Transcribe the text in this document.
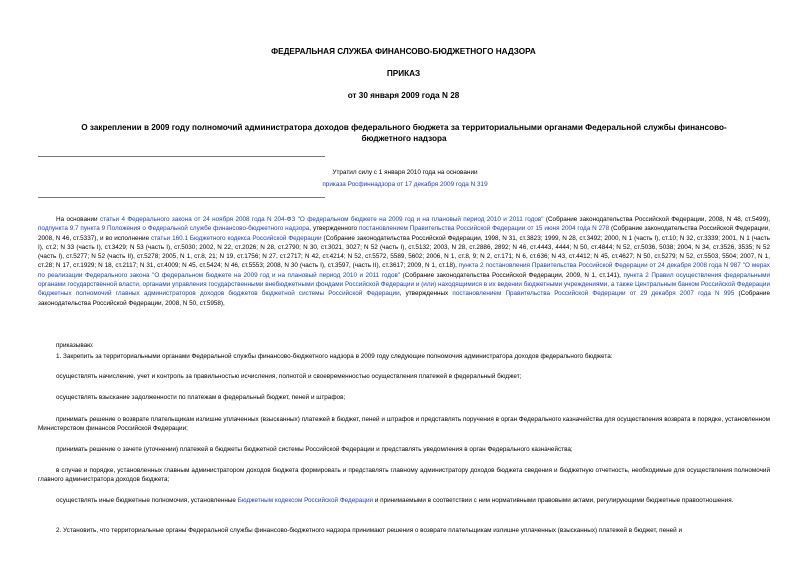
ФЕДЕРАЛЬНАЯ СЛУЖБА ФИНАНСОВО-БЮДЖЕТНОГО НАДЗОРА
ПРИКАЗ
от 30 января 2009 года N 28
О закреплении в 2009 году полномочий администратора доходов федерального бюджета за территориальными органами Федеральной службы финансово-бюджетного надзора
Утратил силу с 1 января 2010 года на основании
приказа Росфиннадзора от 17 декабря 2009 года N 319
На основании статьи 4 Федерального закона от 24 ноября 2008 года N 204-ФЗ "О федеральном бюджете на 2009 год и на плановый период 2010 и 2011 годов" (Собрание законодательства Российской Федерации, 2008, N 48, ст.5499), подпункта 9.7 пункта 9 Положения о Федеральной службе финансово-бюджетного надзора, утвержденного постановлением Правительства Российской Федерации от 15 июня 2004 года N 278 (Собрание законодательства Российской Федерации, 2008, N 46, ст.5337), и во исполнение статьи 160.1 Бюджетного кодекса Российской Федерации (Собрание законодательства Российской Федерации, 1998, N 31, ст.3823; 1999, N 28, ст.3492; 2000, N 1 (часть I), ст.10; N 32, ст.3339; 2001, N 1 (часть I), ст.2; N 33 (часть I), ст.3429; N 53 (часть I), ст.5030; 2002, N 22, ст.2026; N 28, ст.2790; N 30, ст.3021, 3027; N 52 (часть I), ст.5132; 2003, N 28, ст.2886, 2892; N 46, ст.4443, 4444; N 50, ст.4844; N 52, ст.5036, 5038; 2004, N 34, ст.3526, 3535; N 52 (часть I), ст.5277; N 52 (часть II), ст.5278; 2005, N 1, ст.8, 21; N 19, ст.1756; N 27, ст.2717; N 42, ст.4214; N 52, ст.5572, 5589, 5602; 2006, N 1, ст.8, 9; N 2, ст.171; N 6, ст.636; N 43, ст.4412; N 45, ст.4627; N 50, ст.5279; N 52, ст.5503, 5504; 2007, N 1, ст.28; N 17, ст.1929; N 18, ст.2117; N 31, ст.4009; N 45, ст.5424; N 46, ст.5553; 2008, N 30 (часть I), ст.3597, (часть II), ст.3617; 2009, N 1, ст.18), пункта 2 постановления Правительства Российской Федерации от 24 декабря 2008 года N 987 "О мерах по реализации Федерального закона "О федеральном бюджете на 2009 год и на плановый период 2010 и 2011 годов" (Собрание законодательства Российской Федерации, 2009, N 1, ст.141), пункта 2 Правил осуществления федеральными органами государственной власти, органами управления государственными внебюджетными фондами Российской Федерации и (или) находящимися в их ведении бюджетными учреждениями, а также Центральным банком Российской Федерации бюджетных полномочий главных администраторов доходов бюджетов бюджетной системы Российской Федерации, утвержденных постановлением Правительства Российской Федерации от 29 декабря 2007 года N 995 (Собрание законодательства Российской Федерации, 2008, N 50, ст.5958),
приказываю:
1. Закрепить за территориальными органами Федеральной службы финансово-бюджетного надзора в 2009 году следующие полномочия администратора доходов федерального бюджета:
осуществлять начисление, учет и контроль за правильностью исчисления, полнотой и своевременностью осуществления платежей в федеральный бюджет;
осуществлять взыскание задолженности по платежам в федеральный бюджет, пеней и штрафов;
принимать решение о возврате плательщикам излишне уплаченных (взысканных) платежей в бюджет, пеней и штрафов и представлять поручения в орган Федерального казначейства для осуществления возврата в порядке, установленном Министерством финансов Российской Федерации;
принимать решение о зачете (уточнении) платежей в бюджеты бюджетной системы Российской Федерации и представлять уведомления в орган Федерального казначейства;
в случае и порядке, установленных главным администратором доходов бюджета формировать и представлять главному администратору доходов бюджета сведения и бюджетную отчетность, необходимые для осуществления полномочий главного администратора доходов бюджета;
осуществлять иные бюджетные полномочия, установленные Бюджетным кодексом Российской Федерации и принимаемыми в соответствии с ним нормативными правовыми актами, регулирующими бюджетные правоотношения.
2. Установить, что территориальные органы Федеральной службы финансово-бюджетного надзора принимают решения о возврате плательщикам излишне уплаченных (взысканных) платежей в бюджет, пеней и
